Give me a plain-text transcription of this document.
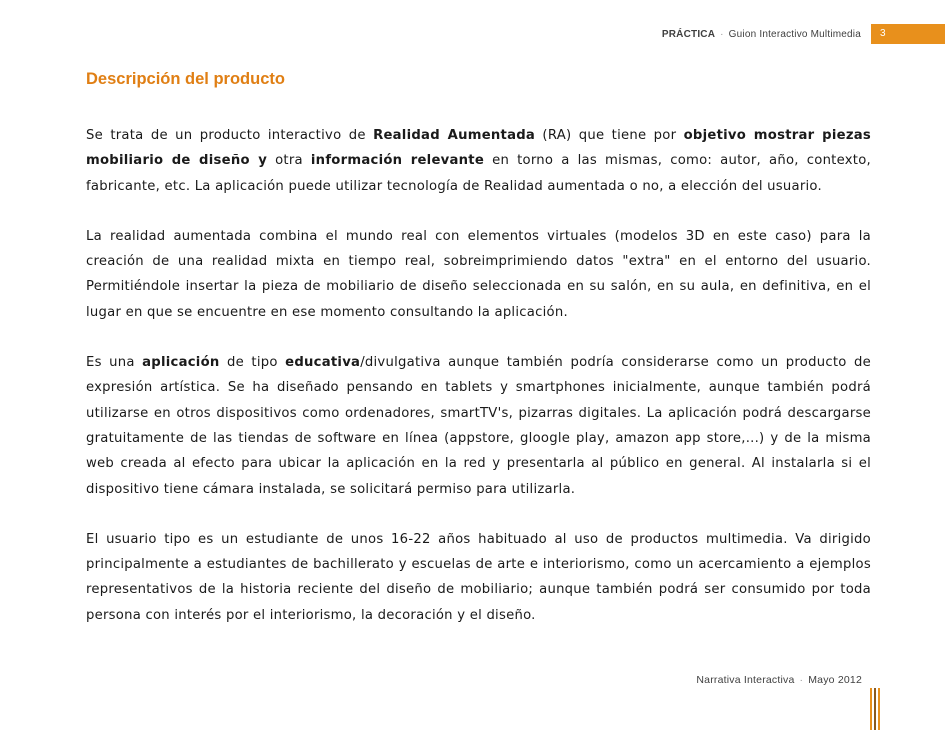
PRÁCTICA · Guion Interactivo Multimedia	3
Descripción del producto

Se trata de un producto interactivo de Realidad Aumentada (RA) que tiene por objetivo mostrar piezas mobiliario de diseño y otra información relevante en torno a las mismas, como: autor, año, contexto, fabricante, etc. La aplicación puede utilizar tecnología de Realidad aumentada o no, a elección del usuario.

La realidad aumentada combina el mundo real con elementos virtuales (modelos 3D en este caso) para la creación de una realidad mixta en tiempo real, sobreimprimiendo datos "extra" en el entorno del usuario. Permitiéndole insertar la pieza de mobiliario de diseño seleccionada en su salón, en su aula, en definitiva, en el lugar en que se encuentre en ese momento consultando la aplicación.

Es una aplicación de tipo educativa/divulgativa aunque también podría considerarse como un producto de expresión artística. Se ha diseñado pensando en tablets y smartphones inicialmente, aunque también podrá utilizarse en otros dispositivos como ordenadores, smartTV's, pizarras digitales. La aplicación podrá descargarse gratuitamente de las tiendas de software en línea (appstore, gloogle play, amazon app store,...) y de la misma web creada al efecto para ubicar la aplicación en la red y presentarla al público en general. Al instalarla si el dispositivo tiene cámara instalada, se solicitará permiso para utilizarla.

El usuario tipo es un estudiante de unos 16-22 años habituado al uso de productos multimedia. Va dirigido principalmente a estudiantes de bachillerato y escuelas de arte e interiorismo, como un acercamiento a ejemplos representativos de la historia reciente del diseño de mobiliario; aunque también podrá ser consumido por toda persona con interés por el interiorismo, la decoración y el diseño.

Narrativa Interactiva · Mayo 2012
